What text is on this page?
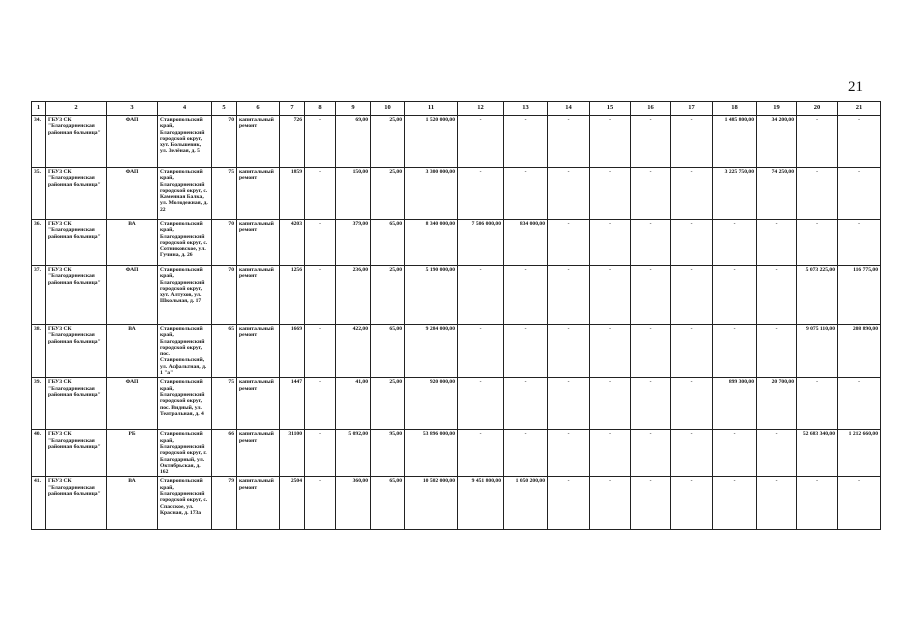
21
1	2	3	4	5	6	7	8	9	10	11	12	13	14	15	16	17	18	19	20	21
34.	ГБУЗ СК "Благодарненская районная больница"	ФАП	Ставропольский край, Благодарненский городской округ, хут. Большевик, ул. Зелёная, д. 5	70	капитальный ремонт	726	-	69,00	25,00	1 520 000,00	-	-	-	-	-	-	1 485 800,00	34 200,00	-	-
35.	ГБУЗ СК "Благодарненская районная больница"	ФАП	Ставропольский край, Благодарненский городской округ, с. Каменная Балка, ул. Молодежная, д. 22	75	капитальный ремонт	1859	-	150,00	25,00	3 300 000,00	-	-	-	-	-	-	3 225 750,00	74 250,00	-	-
36.	ГБУЗ СК "Благодарненская районная больница"	ВА	Ставропольский край, Благодарненский городской округ, с. Сотниковское, ул. Гучина, д. 26	70	капитальный ремонт	4203	-	379,00	65,00	8 340 000,00	7 506 000,00	834 000,00	-	-	-	-	-	-	-	-
37.	ГБУЗ СК "Благодарненская районная больница"	ФАП	Ставропольский край, Благодарненский городской округ, хут. Алтухов, ул. Школьная, д. 17	70	капитальный ремонт	1256	-	236,00	25,00	5 190 000,00	-	-	-	-	-	-	-	-	5 073 225,00	116 775,00
38.	ГБУЗ СК "Благодарненская районная больница"	ВА	Ставропольский край, Благодарненский городской округ, пос. Ставропольский, ул. Асфальтная, д. 1 "а"	65	капитальный ремонт	1669	-	422,00	65,00	9 284 000,00	-	-	-	-	-	-	-	-	9 075 110,00	208 890,00
39.	ГБУЗ СК "Благодарненская районная больница"	ФАП	Ставропольский край, Благодарненский городской округ, пос. Видный, ул. Театральная, д. 4	75	капитальный ремонт	1447	-	41,00	25,00	920 000,00	-	-	-	-	-	-	899 300,00	20 700,00	-	-
40.	ГБУЗ СК "Благодарненская районная больница"	РБ	Ставропольский край, Благодарненский городской округ, г. Благодарный, ул. Октябрьская, д. 162	66	капитальный ремонт	31100	-	5 092,00	95,00	53 896 000,00	-	-	-	-	-	-	-	-	52 683 340,00	1 212 660,00
41.	ГБУЗ СК "Благодарненская районная больница"	ВА	Ставропольский край, Благодарненский городской округ, с. Спасское, ул. Красная, д. 173а	79	капитальный ремонт	2504	-	360,00	65,00	10 502 000,00	9 451 800,00	1 050 200,00	-	-	-	-	-	-	-	-
